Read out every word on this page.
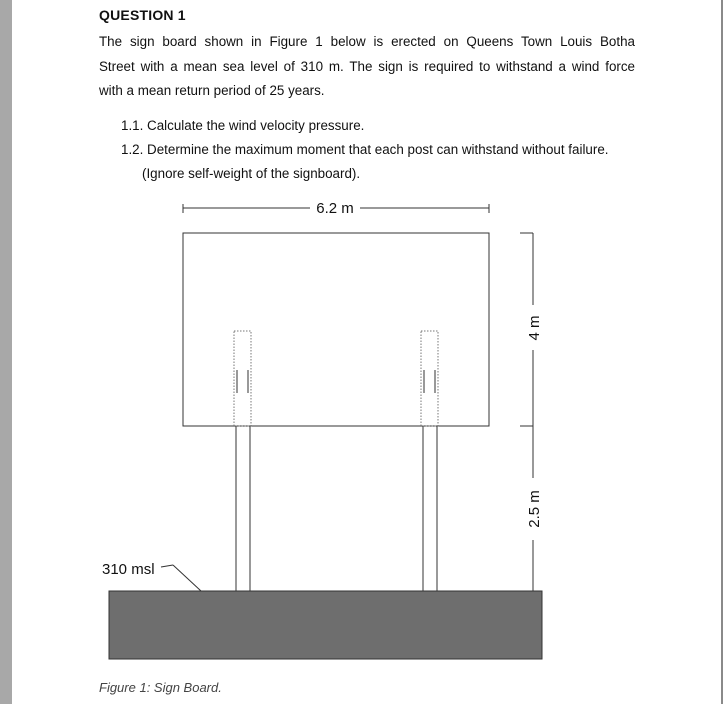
QUESTION 1
The sign board shown in Figure 1 below is erected on Queens Town Louis Botha
Street with a mean sea level of 310 m. The sign is required to withstand a wind force
with a mean return period of 25 years.
1.1. Calculate the wind velocity pressure.
1.2. Determine the maximum moment that each post can withstand without failure.
(Ignore self-weight of the signboard).
6.2 m
4 m
2.5 m
310 msl
Figure 1: Sign Board.
